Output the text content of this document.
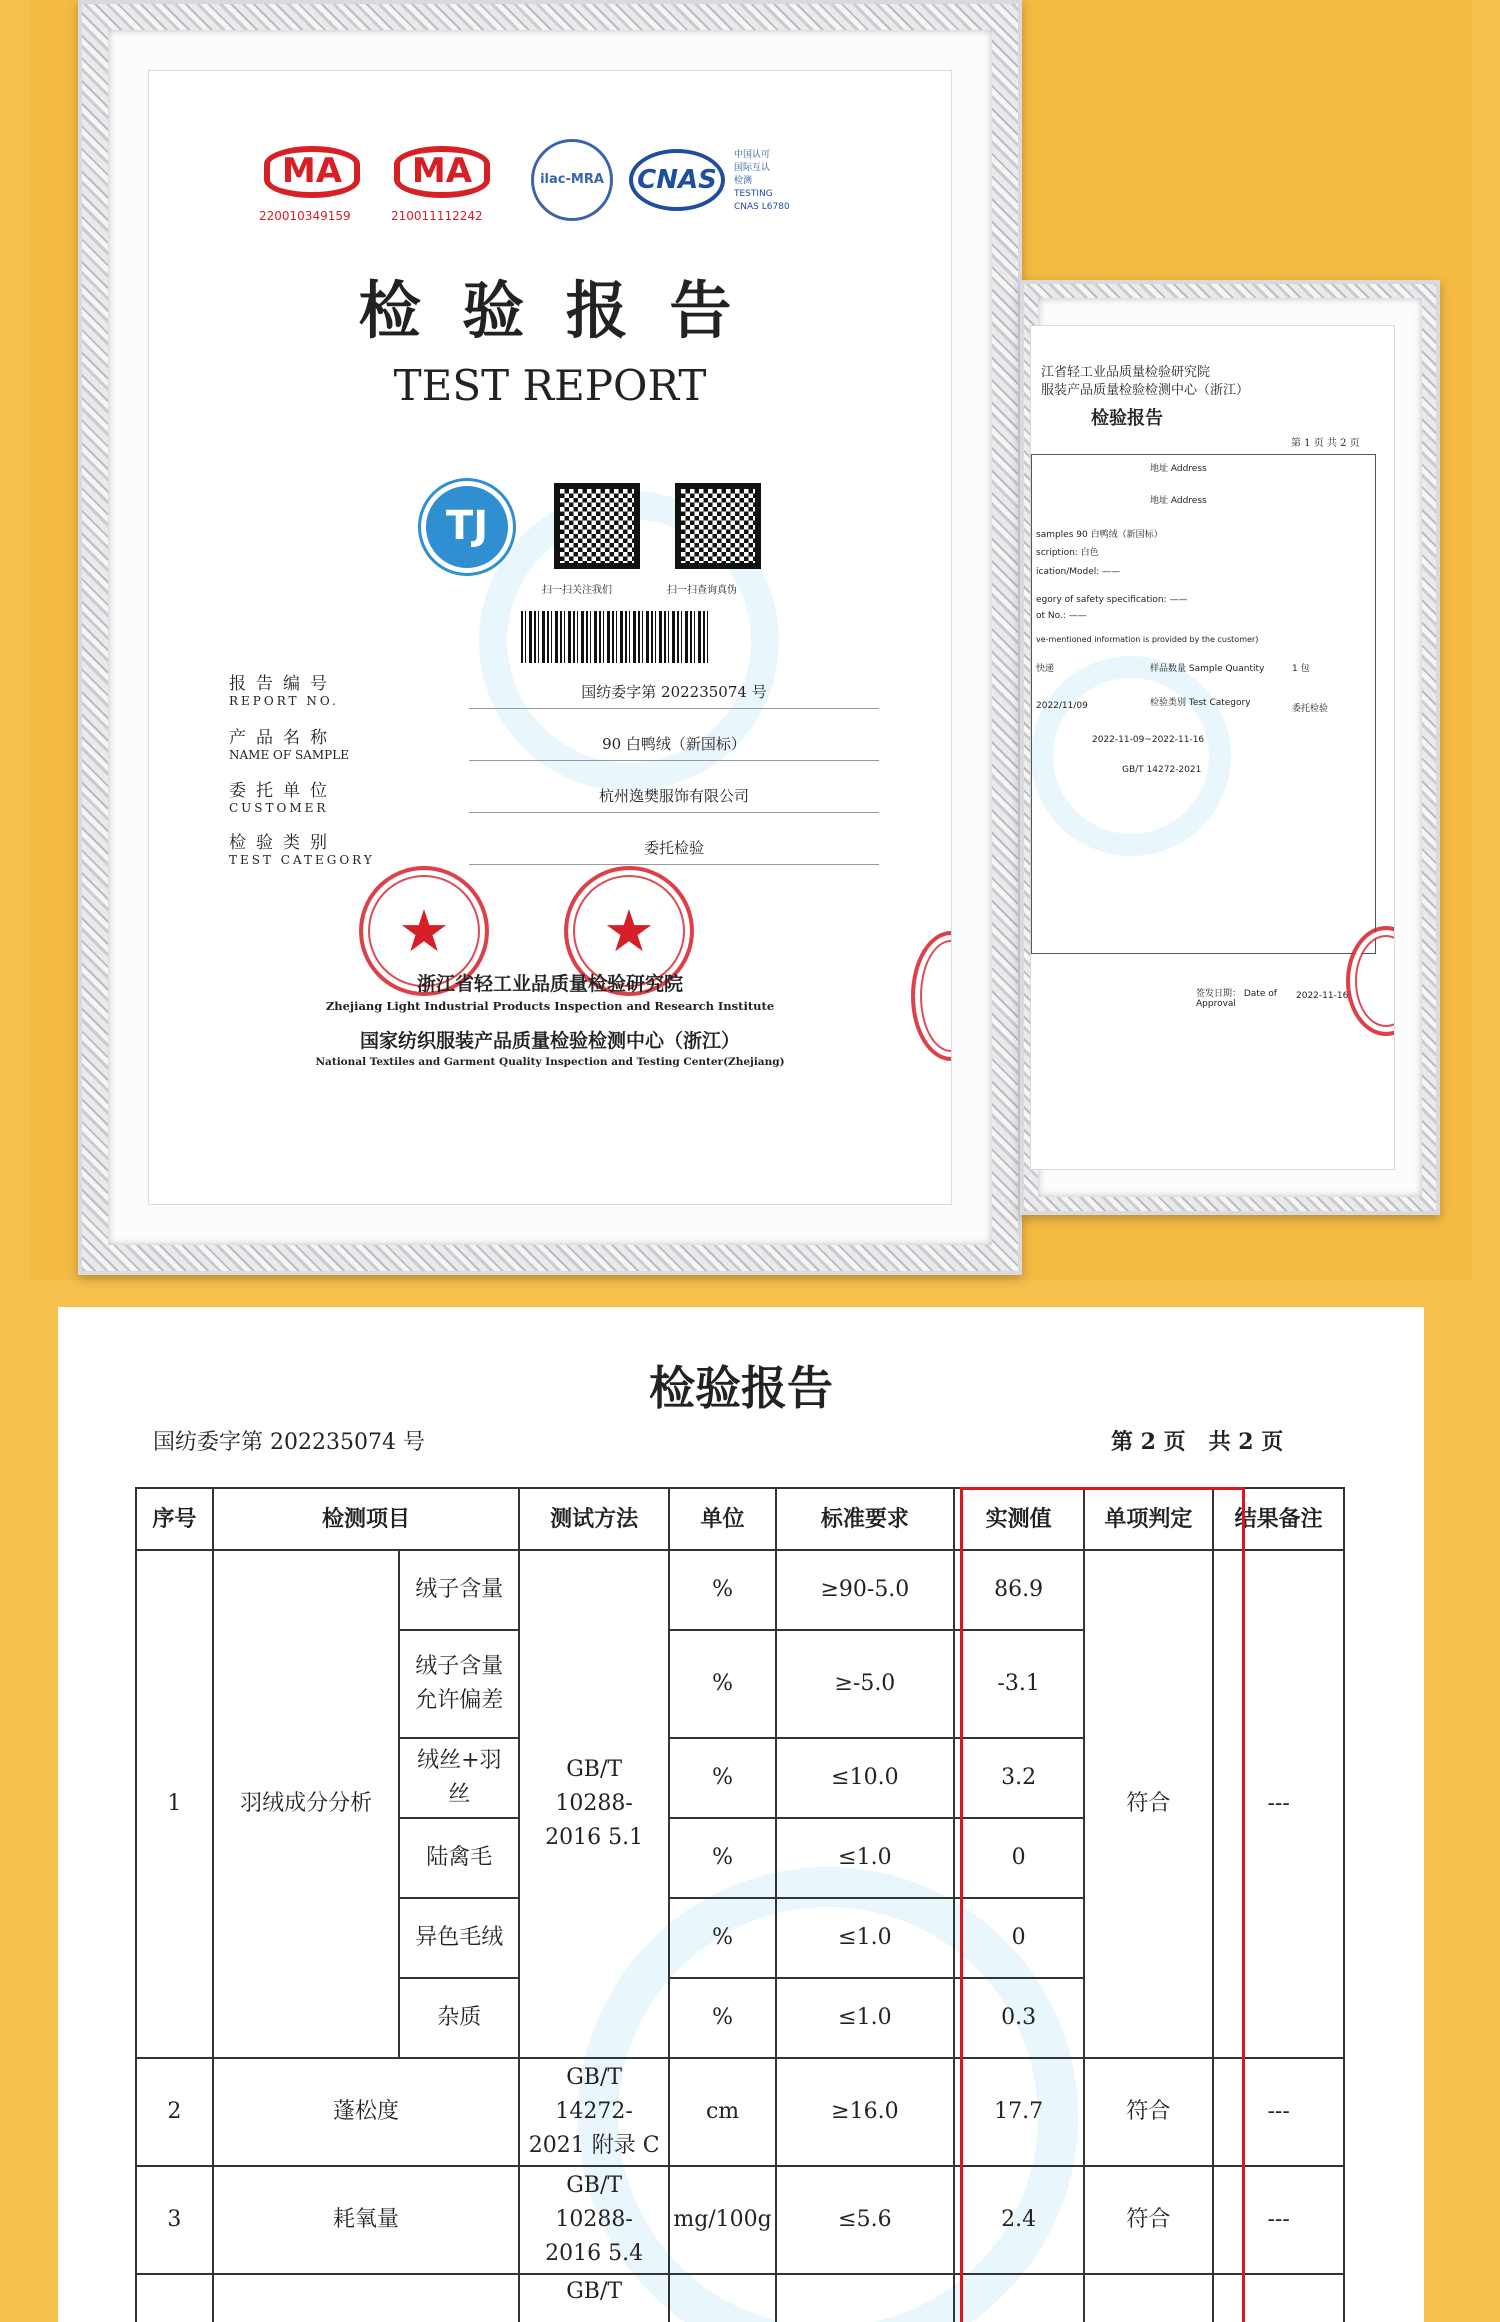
MA
220010349159
MA
210011112242
ilac-MRA	CNAS
中国认可
国际互认
检测
TESTING
CNAS L6780
检 验 报 告
TEST REPORT
TJ
扫一扫关注我们	扫一扫查询真伪
报告编号
REPORT NO.	国纺委字第 202235074 号
产品名称
NAME OF SAMPLE
90 白鸭绒（新国标）
委托单位
CUSTOMER
杭州逸樊服饰有限公司
检验类别
TEST CATEGORY
委托检验
★	★
浙江省轻工业品质量检验研究院
Zhejiang Light Industrial Products Inspection and Research Institute
国家纺织服装产品质量检验检测中心（浙江）
National Textiles and Garment Quality Inspection and Testing Center(Zhejiang)
江省轻工业品质量检验研究院
服装产品质量检验检测中心（浙江）
检验报告
第 1 页 共 2 页
地址 Address
地址 Address
samples 90 白鸭绒（新国标）
scription: 白色
ication/Model: ——
egory of safety specification: ——
ot No.: ——
ve-mentioned information is provided by the customer)
快递	样品数量 Sample Quantity	1 包
2022/11/09	检验类别 Test Category
委托检验
2022-11-09~2022-11-16
GB/T 14272-2021
签发日期： Date of Approval
2022-11-16
检验报告
国纺委字第 202235074 号	第 2 页   共 2 页
序号	检测项目		测试方法	单位	标准要求	实测值	单项判定	结果备注
1	羽绒成分分析	绒子含量	GB/T 10288-2016 5.1	%	≥90-5.0	86.9	符合	---
		绒子含量允许偏差		%	≥-5.0	-3.1		
		绒丝+羽丝		%	≤10.0	3.2		
		陆禽毛		%	≤1.0	0		
		异色毛绒		%	≤1.0	0		
		杂质		%	≤1.0	0.3		
2	蓬松度		GB/T 14272-2021 附录 C	cm	≥16.0	17.7	符合	---
3	耗氧量		GB/T 10288-2016 5.4	mg/100g	≤5.6	2.4	符合	---
			GB/T					
